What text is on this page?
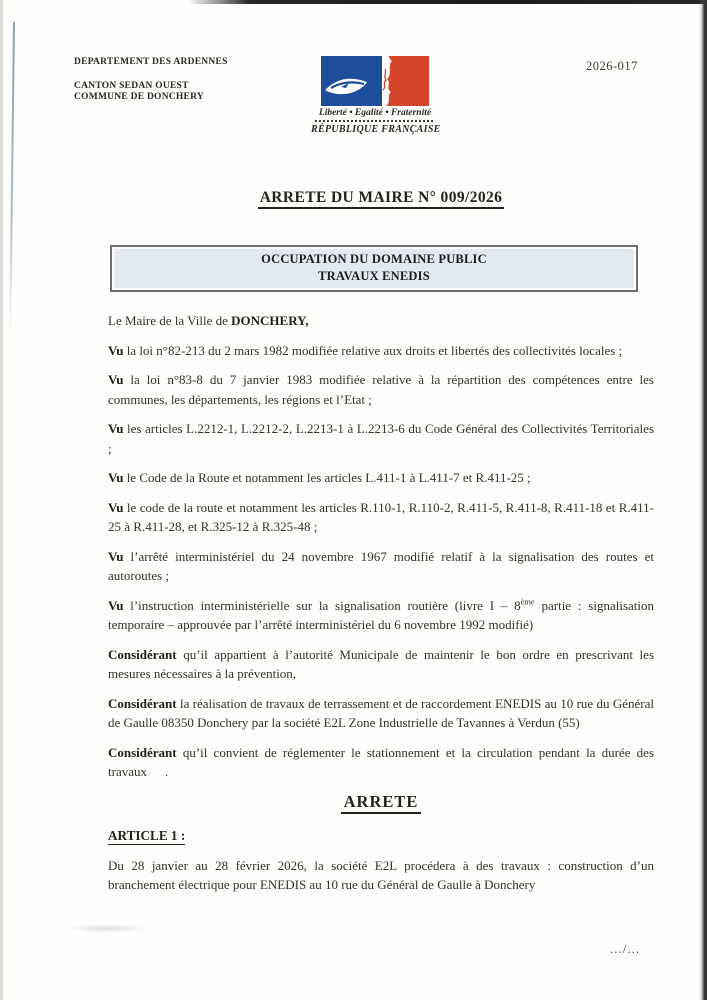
DEPARTEMENT DES ARDENNES
CANTON SEDAN OUEST
COMMUNE DE DONCHERY
Liberté • Egalité • Fraternité
RÉPUBLIQUE FRANÇAISE
2026-017
ARRETE DU MAIRE N° 009/2026
OCCUPATION DU DOMAINE PUBLIC
TRAVAUX ENEDIS

Le Maire de la Ville de DONCHERY,

Vu la loi n°82-213 du 2 mars 1982 modifiée relative aux droits et libertés des collectivités locales ;

Vu la loi n°83-8 du 7 janvier 1983 modifiée relative à la répartition des compétences entre les communes, les départements, les régions et l’Etat ;

Vu les articles L.2212-1, L.2212-2, L.2213-1 à L.2213-6 du Code Général des Collectivités Territoriales ;

Vu le Code de la Route et notamment les articles L.411-1 à L.411-7 et R.411-25 ;

Vu le code de la route et notamment les articles R.110-1, R.110-2, R.411-5, R.411-8, R.411-18 et R.411-25 à R.411-28, et R.325-12 à R.325-48 ;

Vu l’arrêté interministériel du 24 novembre 1967 modifié relatif à la signalisation des routes et autoroutes ;

Vu l’instruction interministérielle sur la signalisation routière (livre I – 8ème partie : signalisation temporaire – approuvée par l’arrêté interministériel du 6 novembre 1992 modifié)

Considérant qu’il appartient à l’autorité Municipale de maintenir le bon ordre en prescrivant les mesures nécessaires à la prévention,

Considérant la réalisation de travaux de terrassement et de raccordement ENEDIS au 10 rue du Général de Gaulle 08350 Donchery par la société E2L Zone Industrielle de Tavannes à Verdun (55)

Considérant qu’il convient de réglementer le stationnement et la circulation pendant la durée des travaux .

ARRETE

ARTICLE 1 :

Du 28 janvier au 28 février 2026, la société E2L procédera à des travaux : construction d’un branchement électrique pour ENEDIS au 10 rue du Général de Gaulle à Donchery

.../...
